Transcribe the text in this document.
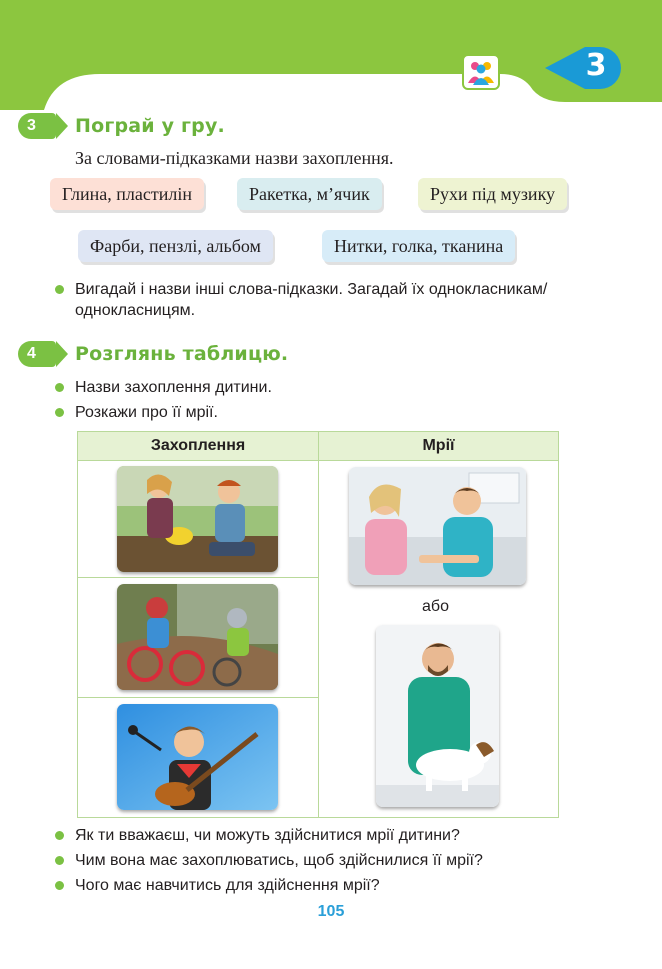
3
3	Пограй у гру.
За словами-підказками назви захоплення.
Глина, пластилін	Ракетка, м’ячик	Рухи під музику
Фарби, пензлі, альбом	Нитки, голка, тканина
Вигадай і назви інші слова-підказки. Загадай їх однокласникам/ однокласницям.
4	Розглянь таблицю.
Назви захоплення дитини.
Розкажи про її мрії.
Захоплення	Мрії

або
Як ти вважаєш, чи можуть здійснитися мрії дитини?
Чим вона має захоплюватись, щоб здійснилися її мрії?
Чого має навчитись для здійснення мрії?
105
